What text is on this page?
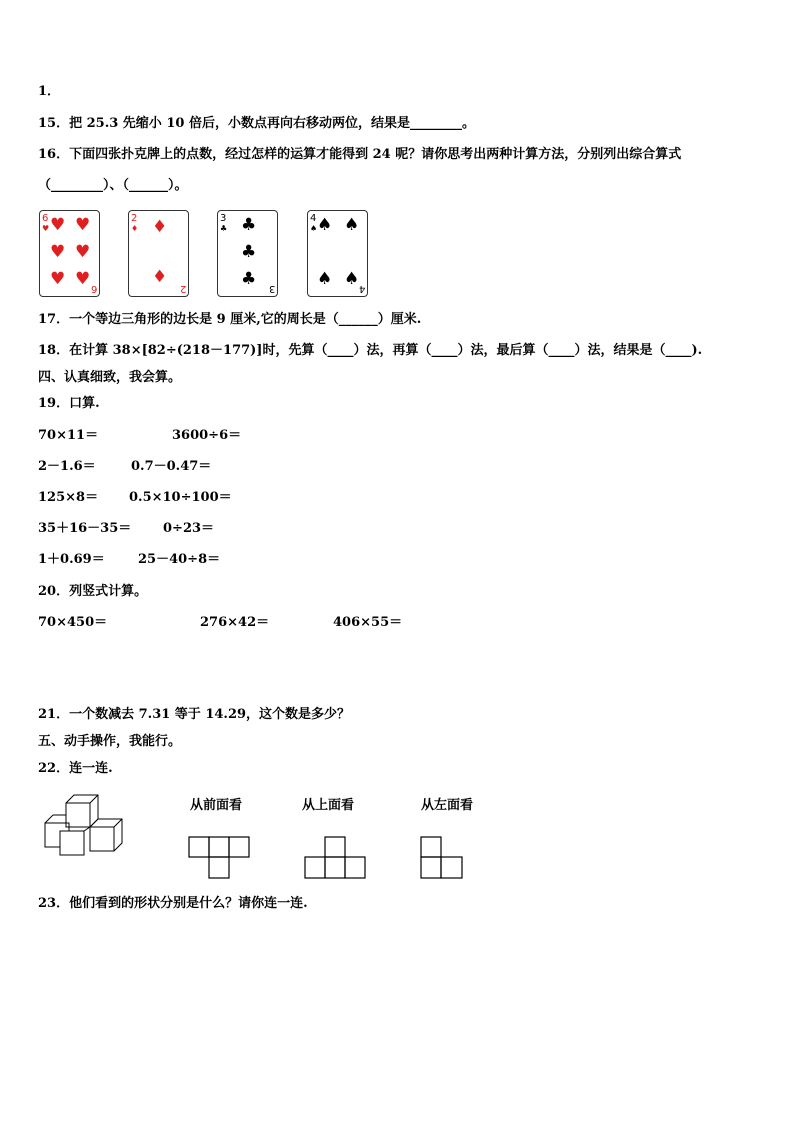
1．
15．把 25.3 先缩小 10 倍后，小数点再向右移动两位，结果是________。
16．下面四张扑克牌上的点数，经过怎样的运算才能得到 24 呢？请你思考出两种计算方法，分别列出综合算式
（________）、（______）。
6
♥ ♥ ♥
♥ ♥
♥ ♥ 6
2
♦ ♦
♦
2
3
♣ ♣
♣
♣ 3
4
♠ ♠ ♠
♠ ♠ 4
17．一个等边三角形的边长是 9 厘米,它的周长是（______）厘米.
18．在计算 38×[82÷(218－177)]时，先算（____）法，再算（____）法，最后算（____）法，结果是（____).
四、认真细致，我会算。
19．口算.
70×11＝	3600÷6＝
2－1.6＝	0.7－0.47＝
125×8＝ 0.5×10÷100＝
35＋16－35＝ 0÷23＝
1＋0.69＝	25－40÷8＝
20．列竖式计算。
70×450＝	276×42＝	406×55＝
21．一个数减去 7.31 等于 14.29，这个数是多少？
五、动手操作，我能行。
22．连一连.
从前面看	从上面看	从左面看
23．他们看到的形状分别是什么？请你连一连.
